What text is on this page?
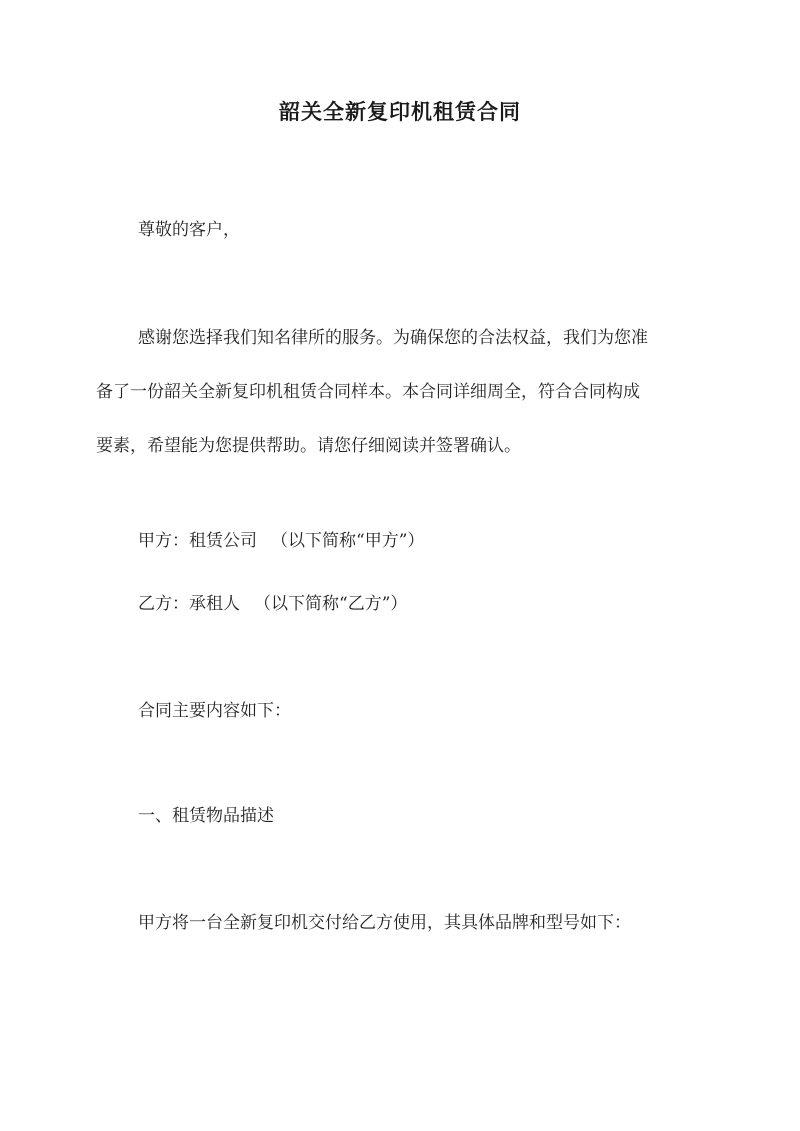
韶关全新复印机租赁合同
尊敬的客户，
感谢您选择我们知名律所的服务。为确保您的合法权益，我们为您准
备了一份韶关全新复印机租赁合同样本。本合同详细周全，符合合同构成
要素，希望能为您提供帮助。请您仔细阅读并签署确认。
甲方：租赁公司 （以下简称“甲方”）
乙方：承租人 （以下简称“乙方”）
合同主要内容如下：
一、租赁物品描述
甲方将一台全新复印机交付给乙方使用，其具体品牌和型号如下：
